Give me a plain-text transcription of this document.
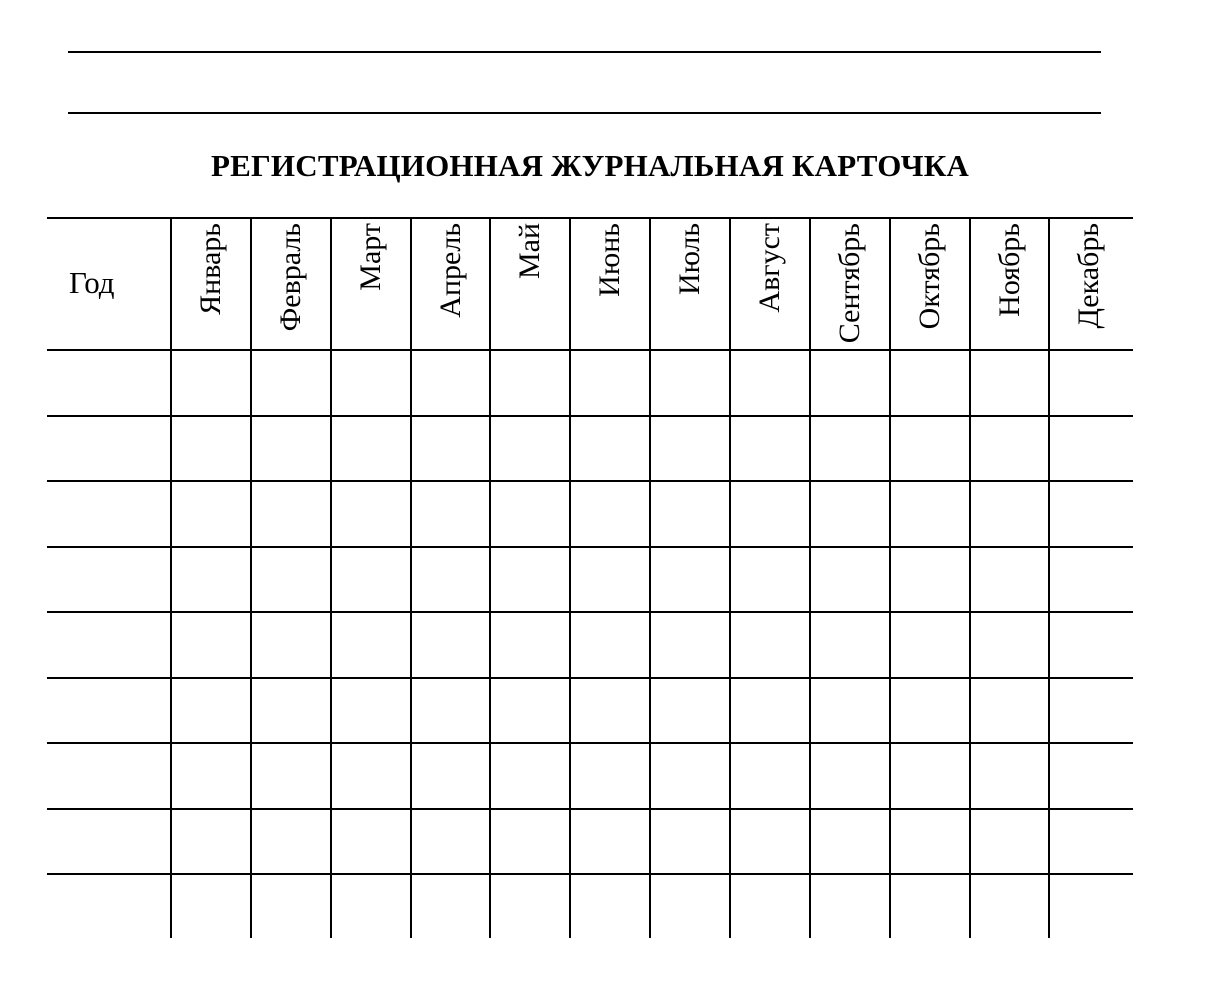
РЕГИСТРАЦИОННАЯ ЖУРНАЛЬНАЯ КАРТОЧКА
Год	Январь Февраль Март Апрель Май Июнь Июль Август Сентябрь Октябрь Ноябрь Декабрь
